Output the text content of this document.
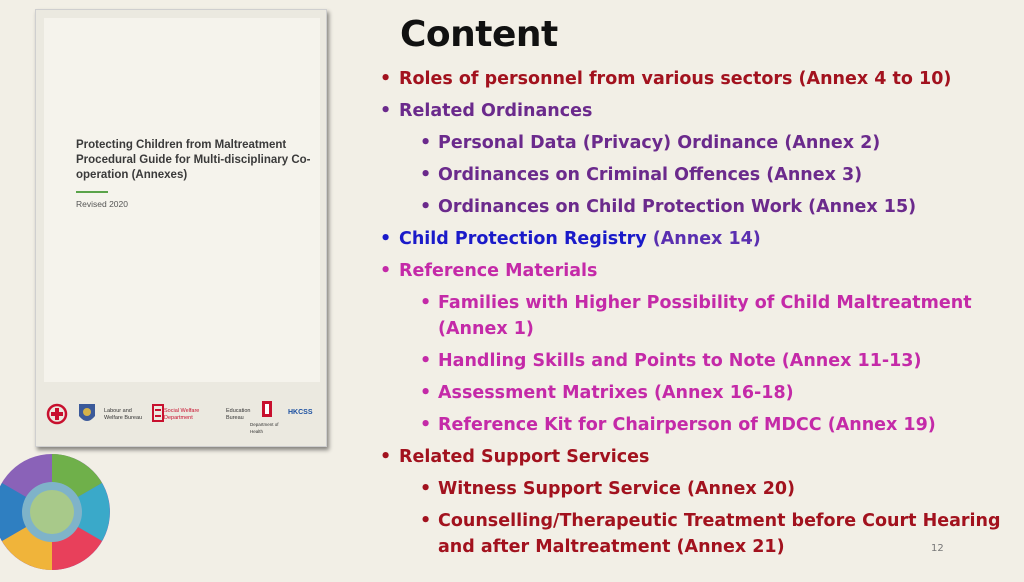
Protecting Children from Maltreatment Procedural Guide for Multi-disciplinary Co-operation (Annexes)
Revised 2020
Labour and Welfare Bureau
Social Welfare Department
Education Bureau
Department of Health
HKCSS
Content
• Roles of personnel from various sectors (Annex 4 to 10)
• Related Ordinances
• Personal Data (Privacy) Ordinance (Annex 2)
• Ordinances on Criminal Offences (Annex 3)
• Ordinances on Child Protection Work (Annex 15)
• Child Protection Registry (Annex 14)
• Reference Materials
• Families with Higher Possibility of Child Maltreatment (Annex 1)
• Handling Skills and Points to Note (Annex 11-13)
• Assessment Matrixes (Annex 16-18)
• Reference Kit for Chairperson of MDCC (Annex 19)
• Related Support Services
• Witness Support Service (Annex 20)
• Counselling/Therapeutic Treatment before Court Hearing and after Maltreatment (Annex 21)	12
